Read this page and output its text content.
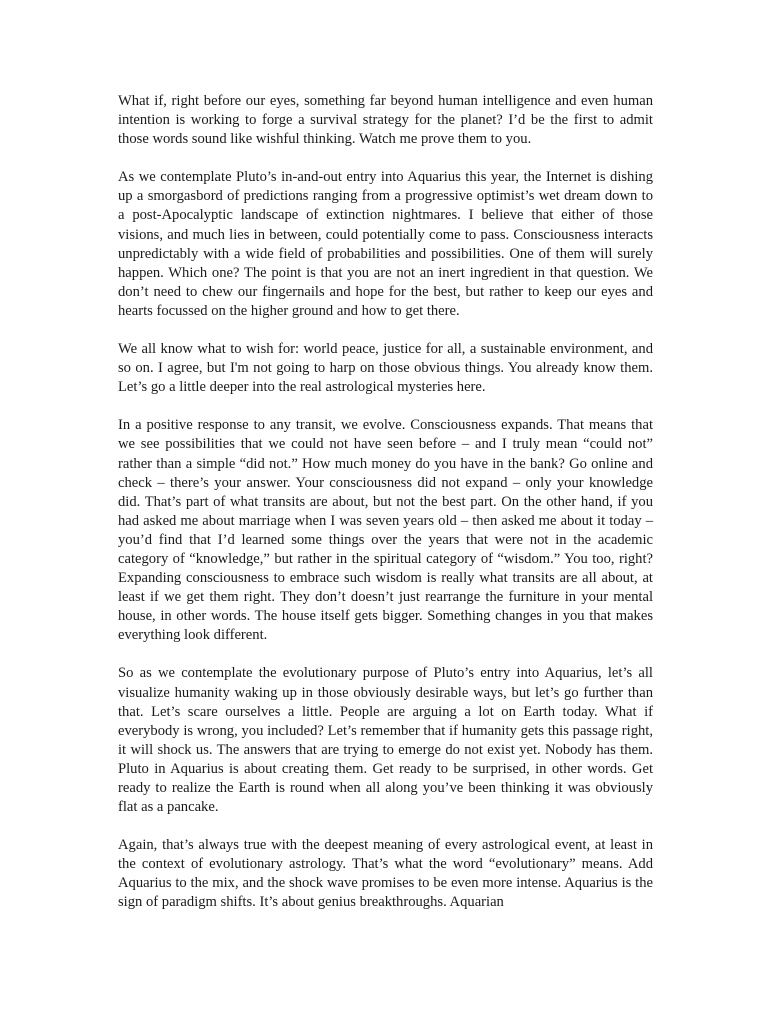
What if, right before our eyes, something far beyond human intelligence and even human intention is working to forge a survival strategy for the planet? I’d be the first to admit those words sound like wishful thinking. Watch me prove them to you.

As we contemplate Pluto’s in-and-out entry into Aquarius this year, the Internet is dishing up a smorgasbord of predictions ranging from a progressive optimist’s wet dream down to a post-Apocalyptic landscape of extinction nightmares. I believe that either of those visions, and much lies in between, could potentially come to pass. Consciousness interacts unpredictably with a wide field of probabilities and possibilities. One of them will surely happen. Which one? The point is that you are not an inert ingredient in that question. We don’t need to chew our fingernails and hope for the best, but rather to keep our eyes and hearts focussed on the higher ground and how to get there.

We all know what to wish for: world peace, justice for all, a sustainable environment, and so on. I agree, but I'm not going to harp on those obvious things. You already know them. Let’s go a little deeper into the real astrological mysteries here.

In a positive response to any transit, we evolve. Consciousness expands. That means that we see possibilities that we could not have seen before – and I truly mean “could not” rather than a simple “did not.” How much money do you have in the bank? Go online and check – there’s your answer. Your consciousness did not expand – only your knowledge did. That’s part of what transits are about, but not the best part. On the other hand, if you had asked me about marriage when I was seven years old – then asked me about it today – you’d find that I’d learned some things over the years that were not in the academic category of “knowledge,” but rather in the spiritual category of “wisdom.” You too, right? Expanding consciousness to embrace such wisdom is really what transits are all about, at least if we get them right. They don’t doesn’t just rearrange the furniture in your mental house, in other words. The house itself gets bigger. Something changes in you that makes everything look different.

So as we contemplate the evolutionary purpose of Pluto’s entry into Aquarius, let’s all visualize humanity waking up in those obviously desirable ways, but let’s go further than that. Let’s scare ourselves a little. People are arguing a lot on Earth today. What if everybody is wrong, you included? Let’s remember that if humanity gets this passage right, it will shock us. The answers that are trying to emerge do not exist yet. Nobody has them. Pluto in Aquarius is about creating them. Get ready to be surprised, in other words. Get ready to realize the Earth is round when all along you’ve been thinking it was obviously flat as a pancake.

Again, that’s always true with the deepest meaning of every astrological event, at least in the context of evolutionary astrology. That’s what the word “evolutionary” means. Add Aquarius to the mix, and the shock wave promises to be even more intense. Aquarius is the sign of paradigm shifts. It’s about genius breakthroughs. Aquarian
